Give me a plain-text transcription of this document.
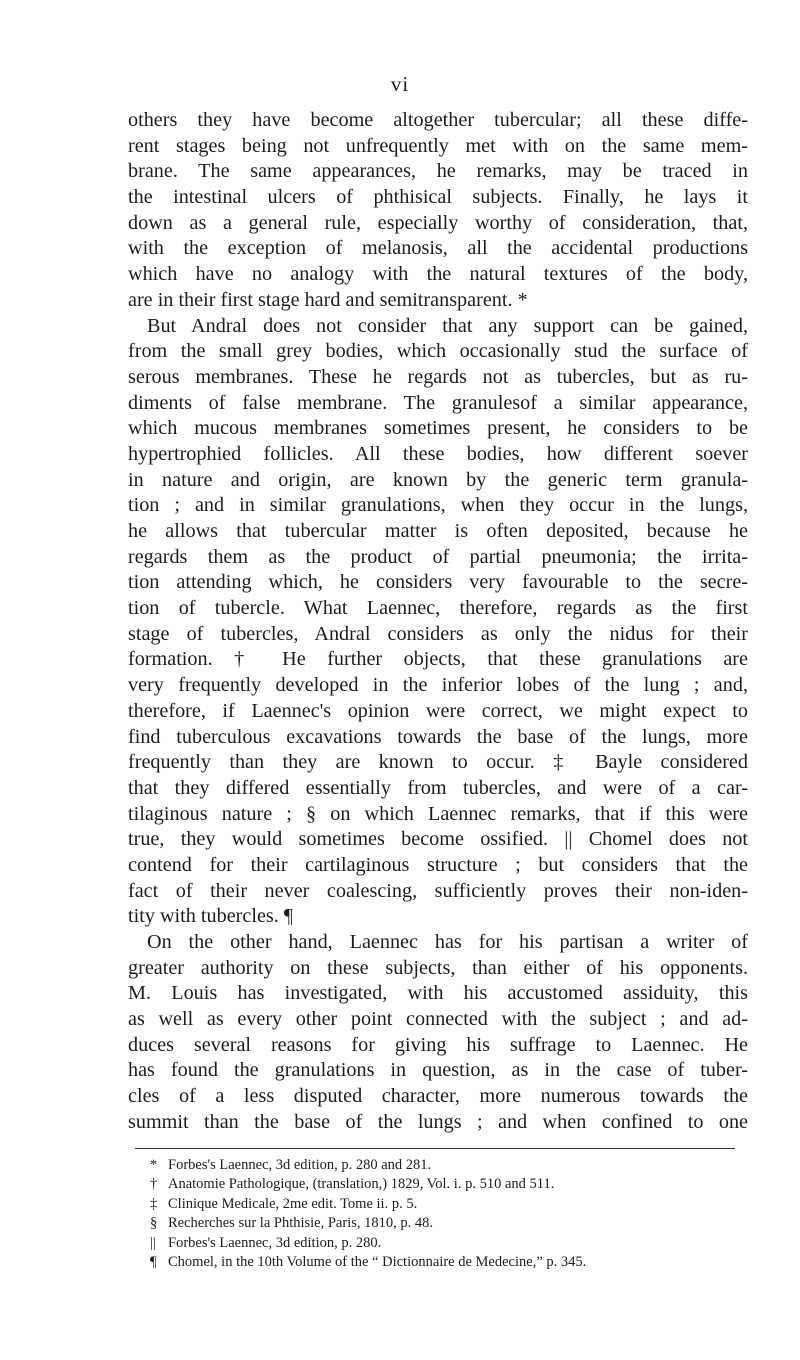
vi
others they have become altogether tubercular; all these diffe-
rent stages being not unfrequently met with on the same mem-
brane. The same appearances, he remarks, may be traced in
the intestinal ulcers of phthisical subjects. Finally, he lays it
down as a general rule, especially worthy of consideration, that,
with the exception of melanosis, all the accidental productions
which have no analogy with the natural textures of the body,
are in their first stage hard and semitransparent. *
But Andral does not consider that any support can be gained,
from the small grey bodies, which occasionally stud the surface of
serous membranes. These he regards not as tubercles, but as ru-
diments of false membrane. The granulesof a similar appearance,
which mucous membranes sometimes present, he considers to be
hypertrophied follicles. All these bodies, how different soever
in nature and origin, are known by the generic term granula-
tion ; and in similar granulations, when they occur in the lungs,
he allows that tubercular matter is often deposited, because he
regards them as the product of partial pneumonia; the irrita-
tion attending which, he considers very favourable to the secre-
tion of tubercle. What Laennec, therefore, regards as the first
stage of tubercles, Andral considers as only the nidus for their
formation. † He further objects, that these granulations are
very frequently developed in the inferior lobes of the lung ; and,
therefore, if Laennec's opinion were correct, we might expect to
find tuberculous excavations towards the base of the lungs, more
frequently than they are known to occur. ‡ Bayle considered
that they differed essentially from tubercles, and were of a car-
tilaginous nature ; § on which Laennec remarks, that if this were
true, they would sometimes become ossified. || Chomel does not
contend for their cartilaginous structure ; but considers that the
fact of their never coalescing, sufficiently proves their non-iden-
tity with tubercles. ¶
On the other hand, Laennec has for his partisan a writer of
greater authority on these subjects, than either of his opponents.
M. Louis has investigated, with his accustomed assiduity, this
as well as every other point connected with the subject ; and ad-
duces several reasons for giving his suffrage to Laennec. He
has found the granulations in question, as in the case of tuber-
cles of a less disputed character, more numerous towards the
summit than the base of the lungs ; and when confined to one
* Forbes's Laennec, 3d edition, p. 280 and 281.
† Anatomie Pathologique, (translation,) 1829, Vol. i. p. 510 and 511.
‡ Clinique Medicale, 2me edit. Tome ii. p. 5.
§ Recherches sur la Phthisie, Paris, 1810, p. 48.
|| Forbes's Laennec, 3d edition, p. 280.
¶ Chomel, in the 10th Volume of the “ Dictionnaire de Medecine,” p. 345.
